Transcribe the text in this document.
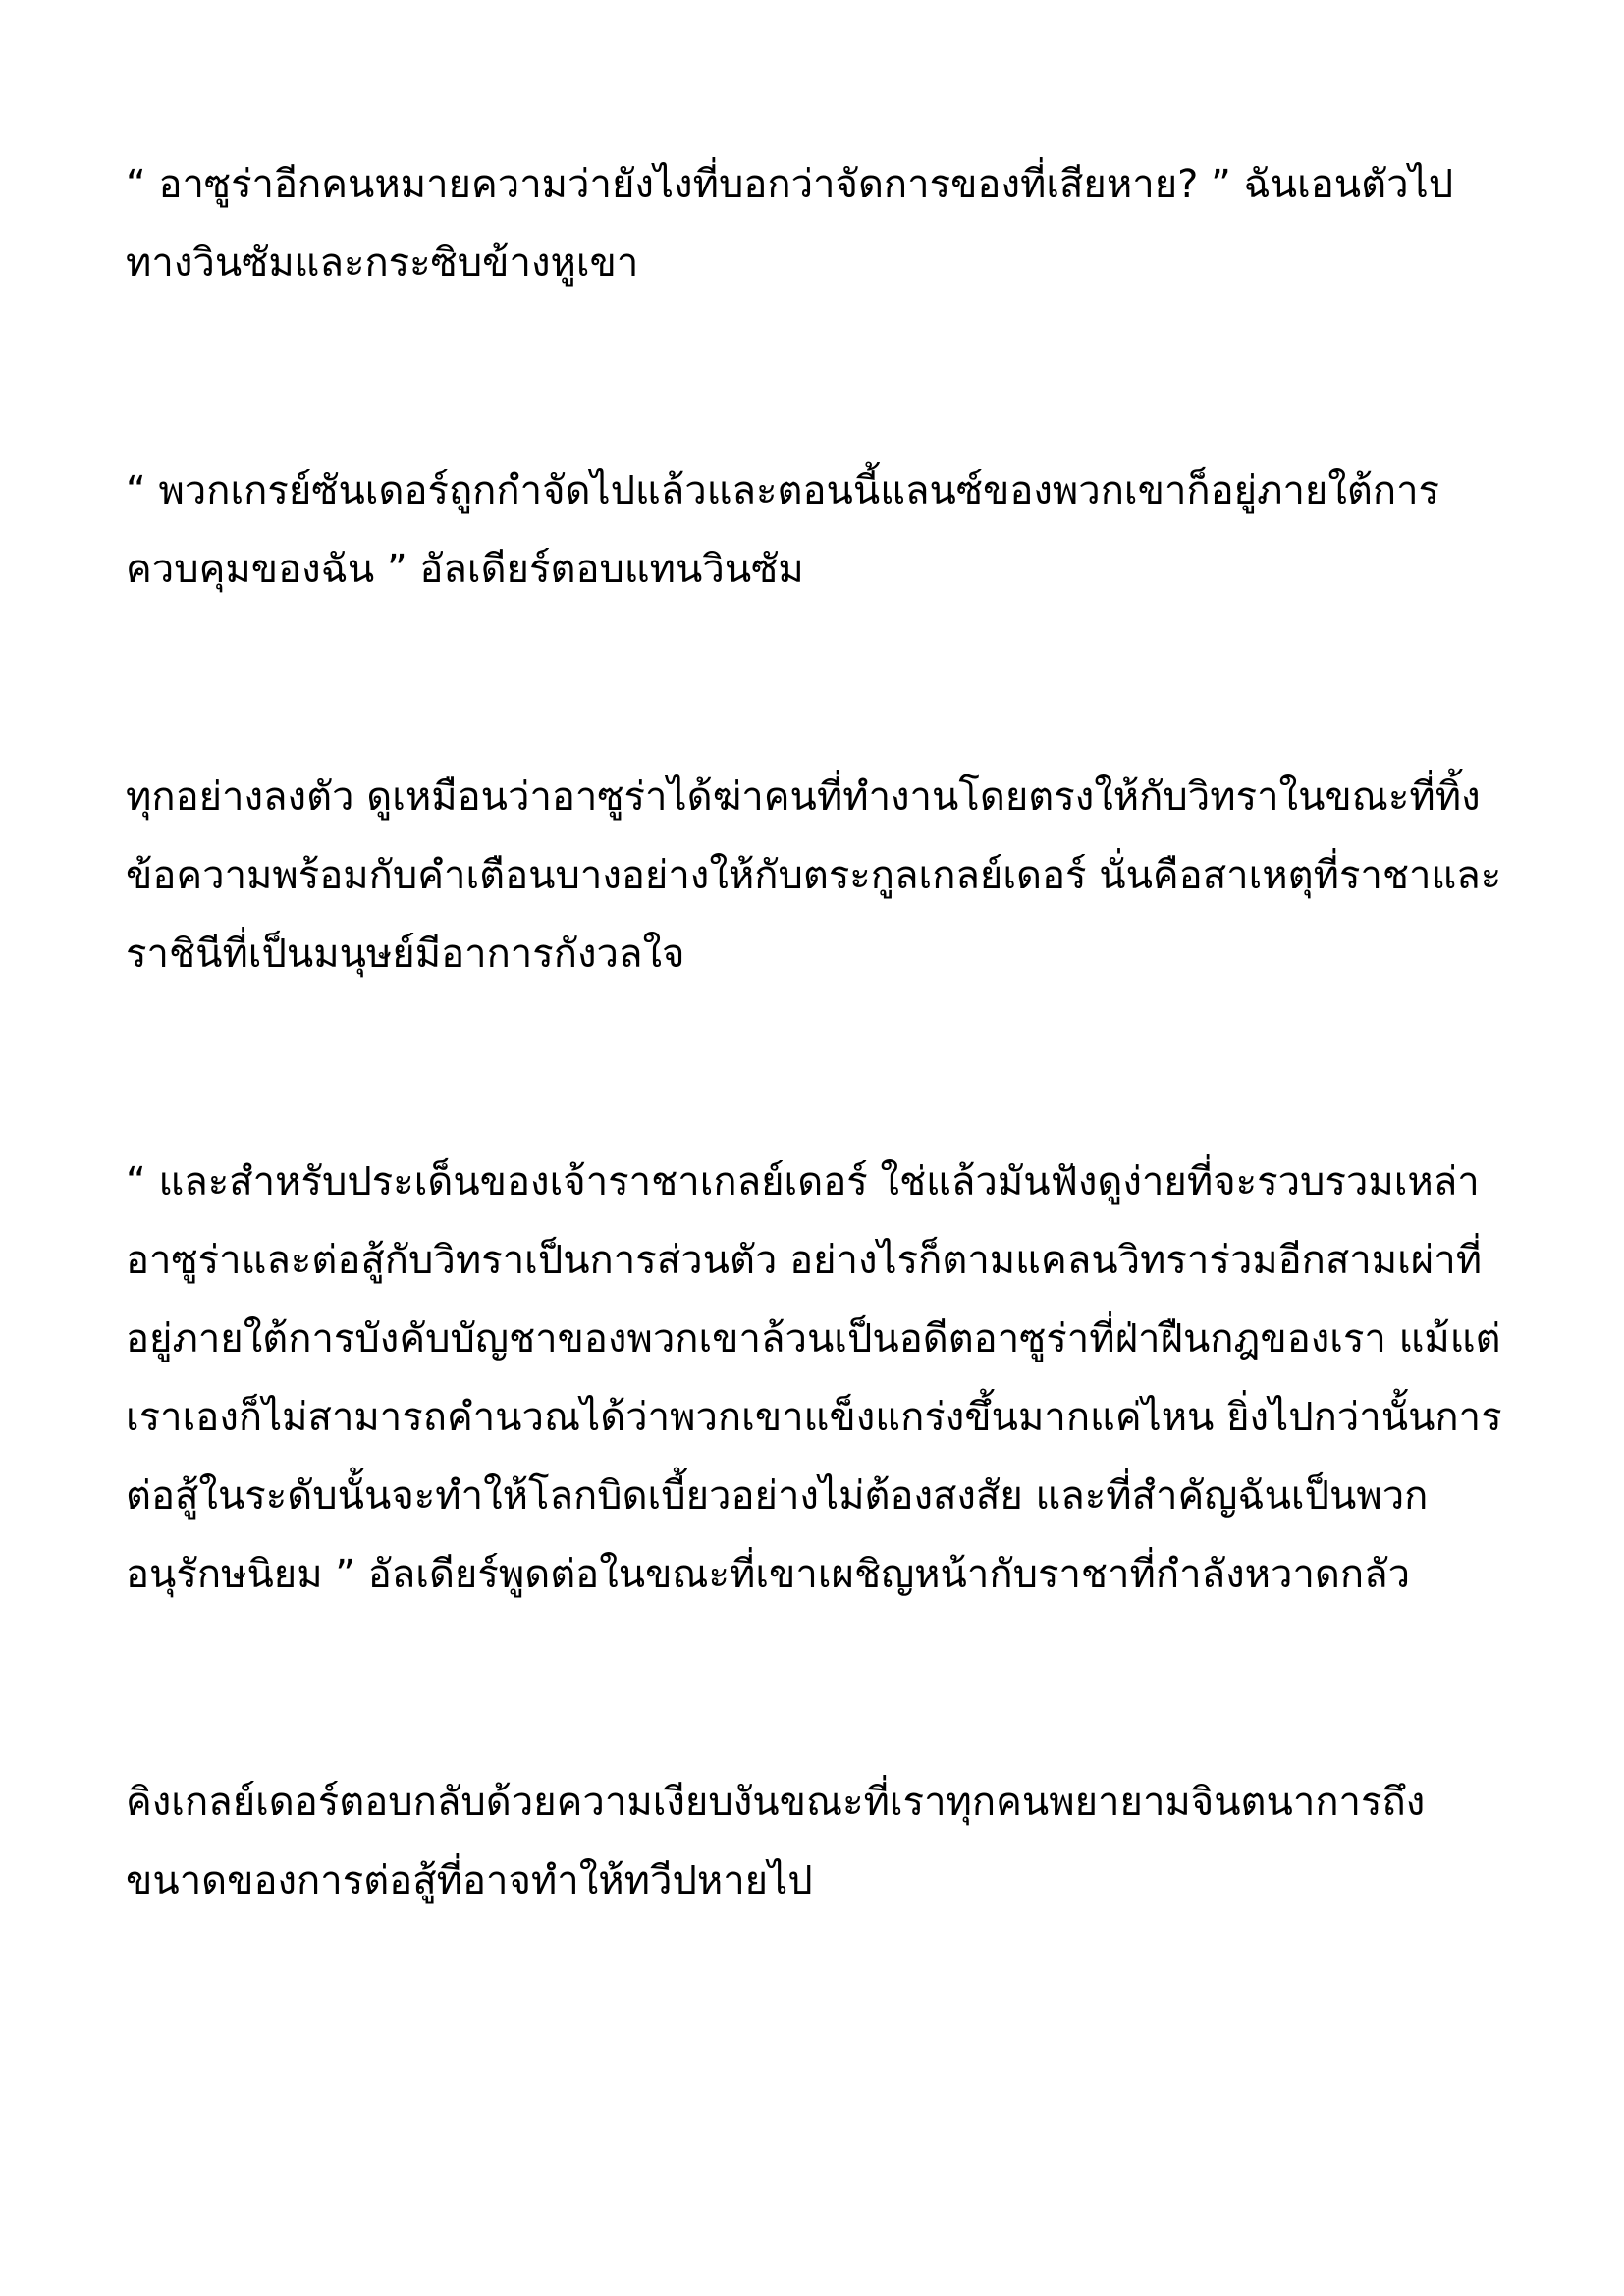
“ อาซูร่าอีกคนหมายความว่ายังไงที่บอกว่าจัดการของที่เสียหาย? ” ฉันเอนตัวไปทางวินซัมและกระซิบข้างหูเขา

“ พวกเกรย์ซันเดอร์ถูกกำจัดไปแล้วและตอนนี้แลนซ์ของพวกเขาก็อยู่ภายใต้การควบคุมของฉัน ” อัลเดียร์ตอบแทนวินซัม

ทุกอย่างลงตัว ดูเหมือนว่าอาซูร่าได้ฆ่าคนที่ทำงานโดยตรงให้กับวิทราในขณะที่ทิ้งข้อความพร้อมกับคำเตือนบางอย่างให้กับตระกูลเกลย์เดอร์ นั่นคือสาเหตุที่ราชาและราชินีที่เป็นมนุษย์มีอาการกังวลใจ

“ และสำหรับประเด็นของเจ้าราชาเกลย์เดอร์ ใช่แล้วมันฟังดูง่ายที่จะรวบรวมเหล่าอาซูร่าและต่อสู้กับวิทราเป็นการส่วนตัว อย่างไรก็ตามแคลนวิทราร่วมอีกสามเผ่าที่อยู่ภายใต้การบังคับบัญชาของพวกเขาล้วนเป็นอดีตอาซูร่าที่ฝ่าฝืนกฎของเรา แม้แต่เราเองก็ไม่สามารถคำนวณได้ว่าพวกเขาแข็งแกร่งขึ้นมากแค่ไหน ยิ่งไปกว่านั้นการต่อสู้ในระดับนั้นจะทำให้โลกบิดเบี้ยวอย่างไม่ต้องสงสัย และที่สำคัญฉันเป็นพวกอนุรักษนิยม ” อัลเดียร์พูดต่อในขณะที่เขาเผชิญหน้ากับราชาที่กำลังหวาดกลัว

คิงเกลย์เดอร์ตอบกลับด้วยความเงียบงันขณะที่เราทุกคนพยายามจินตนาการถึงขนาดของการต่อสู้ที่อาจทำให้ทวีปหายไป
